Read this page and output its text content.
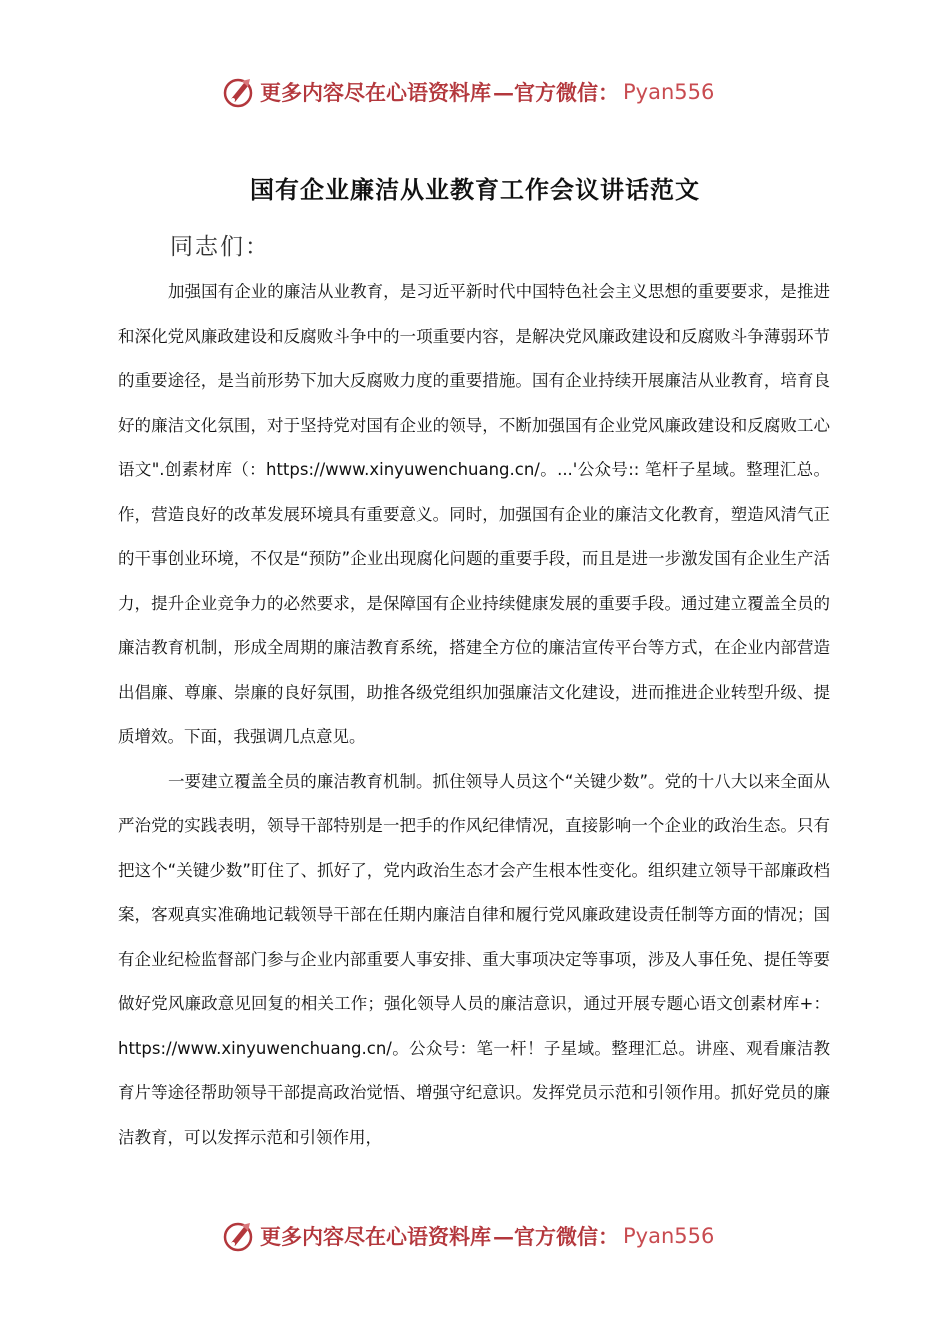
更多内容尽在心语资料库 —官方微信： Pyan556
国有企业廉洁从业教育工作会议讲话范文
同志们：

加强国有企业的廉洁从业教育，是习近平新时代中国特色社会主义思想的重要要求，是推进和深化党风廉政建设和反腐败斗争中的一项重要内容，是解决党风廉政建设和反腐败斗争薄弱环节的重要途径，是当前形势下加大反腐败力度的重要措施。国有企业持续开展廉洁从业教育，培育良好的廉洁文化氛围，对于坚持党对国有企业的领导，不断加强国有企业党风廉政建设和反腐败工心语文".创素材库（：https://www.xinyuwenchuang.cn/。...'公众号:: 笔杆子星域。整理汇总。作，营造良好的改革发展环境具有重要意义。同时，加强国有企业的廉洁文化教育，塑造风清气正的干事创业环境，不仅是“预防”企业出现腐化问题的重要手段，而且是进一步激发国有企业生产活力，提升企业竞争力的必然要求，是保障国有企业持续健康发展的重要手段。通过建立覆盖全员的廉洁教育机制，形成全周期的廉洁教育系统，搭建全方位的廉洁宣传平台等方式，在企业内部营造出倡廉、尊廉、崇廉的良好氛围，助推各级党组织加强廉洁文化建设，进而推进企业转型升级、提质增效。下面，我强调几点意见。

一要建立覆盖全员的廉洁教育机制。抓住领导人员这个“关键少数”。党的十八大以来全面从严治党的实践表明，领导干部特别是一把手的作风纪律情况，直接影响一个企业的政治生态。只有把这个“关键少数”盯住了、抓好了，党内政治生态才会产生根本性变化。组织建立领导干部廉政档案，客观真实准确地记载领导干部在任期内廉洁自律和履行党风廉政建设责任制等方面的情况；国有企业纪检监督部门参与企业内部重要人事安排、重大事项决定等事项，涉及人事任免、提任等要做好党风廉政意见回复的相关工作；强化领导人员的廉洁意识，通过开展专题心语文创素材库+：https://www.xinyuwenchuang.cn/。公众号：笔一杆！子星域。整理汇总。讲座、观看廉洁教育片等途径帮助领导干部提高政治觉悟、增强守纪意识。发挥党员示范和引领作用。抓好党员的廉洁教育，可以发挥示范和引领作用，

更多内容尽在心语资料库 —官方微信： Pyan556
